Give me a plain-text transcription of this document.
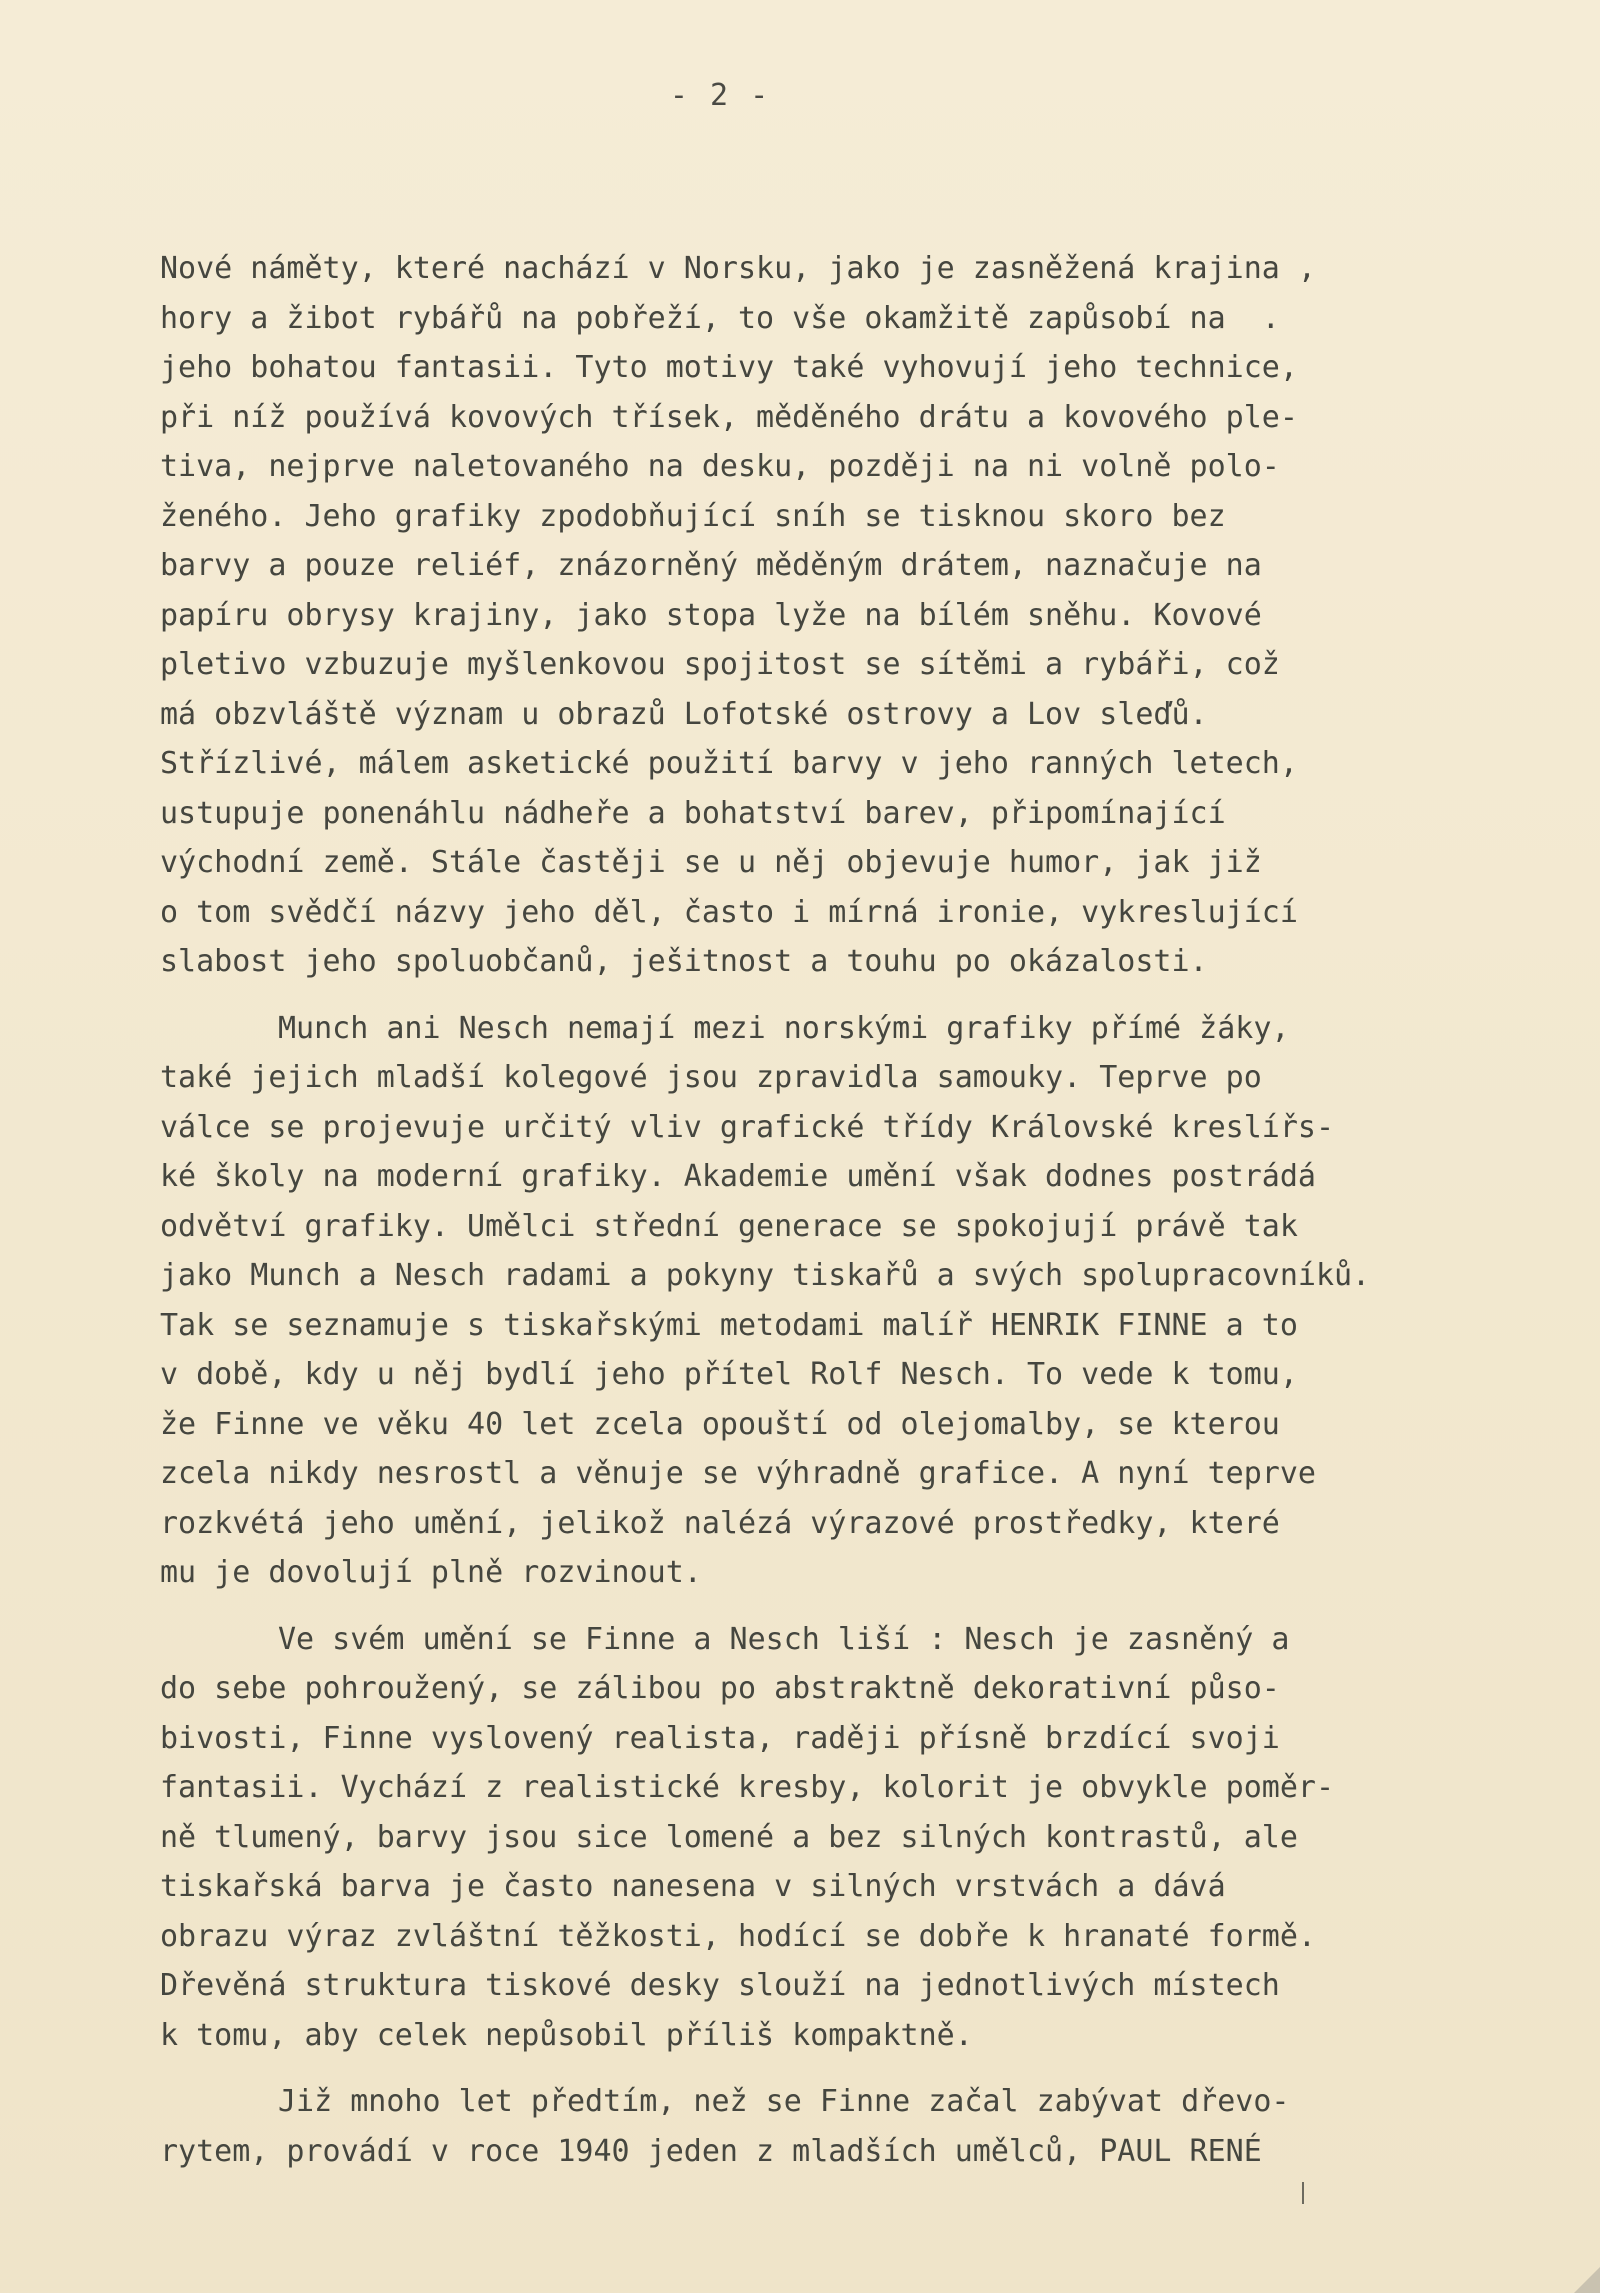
- 2 -
Nové náměty, které nachází v Norsku, jako je zasněžená krajina ,
hory a žibot rybářů na pobřeží, to vše okamžitě zapůsobí na  .
jeho bohatou fantasii. Tyto motivy také vyhovují jeho technice,
při níž používá kovových třísek, měděného drátu a kovového ple-
tiva, nejprve naletovaného na desku, později na ni volně polo-
ženého. Jeho grafiky zpodobňující sníh se tisknou skoro bez
barvy a pouze reliéf, znázorněný měděným drátem, naznačuje na
papíru obrysy krajiny, jako stopa lyže na bílém sněhu. Kovové
pletivo vzbuzuje myšlenkovou spojitost se sítěmi a rybáři, což
má obzvláště význam u obrazů Lofotské ostrovy a Lov sleďů.
Střízlivé, málem asketické použití barvy v jeho ranných letech,
ustupuje ponenáhlu nádheře a bohatství barev, připomínající
východní země. Stále častěji se u něj objevuje humor, jak již
o tom svědčí názvy jeho děl, často i mírná ironie, vykreslující
slabost jeho spoluobčanů, ješitnost a touhu po okázalosti.
Munch ani Nesch nemají mezi norskými grafiky přímé žáky,
také jejich mladší kolegové jsou zpravidla samouky. Teprve po
válce se projevuje určitý vliv grafické třídy Královské kreslířs-
ké školy na moderní grafiky. Akademie umění však dodnes postrádá
odvětví grafiky. Umělci střední generace se spokojují právě tak
jako Munch a Nesch radami a pokyny tiskařů a svých spolupracovníků.
Tak se seznamuje s tiskařskými metodami malíř HENRIK FINNE a to
v době, kdy u něj bydlí jeho přítel Rolf Nesch. To vede k tomu,
že Finne ve věku 40 let zcela opouští od olejomalby, se kterou
zcela nikdy nesrostl a věnuje se výhradně grafice. A nyní teprve
rozkvétá jeho umění, jelikož nalézá výrazové prostředky, které
mu je dovolují plně rozvinout.
Ve svém umění se Finne a Nesch liší : Nesch je zasněný a
do sebe pohroužený, se zálibou po abstraktně dekorativní půso-
bivosti, Finne vyslovený realista, raději přísně brzdící svoji
fantasii. Vychází z realistické kresby, kolorit je obvykle poměr-
ně tlumený, barvy jsou sice lomené a bez silných kontrastů, ale
tiskařská barva je často nanesena v silných vrstvách a dává
obrazu výraz zvláštní těžkosti, hodící se dobře k hranaté formě.
Dřevěná struktura tiskové desky slouží na jednotlivých místech
k tomu, aby celek nepůsobil příliš kompaktně.
Již mnoho let předtím, než se Finne začal zabývat dřevo-
rytem, provádí v roce 1940 jeden z mladších umělců, PAUL RENÉ
